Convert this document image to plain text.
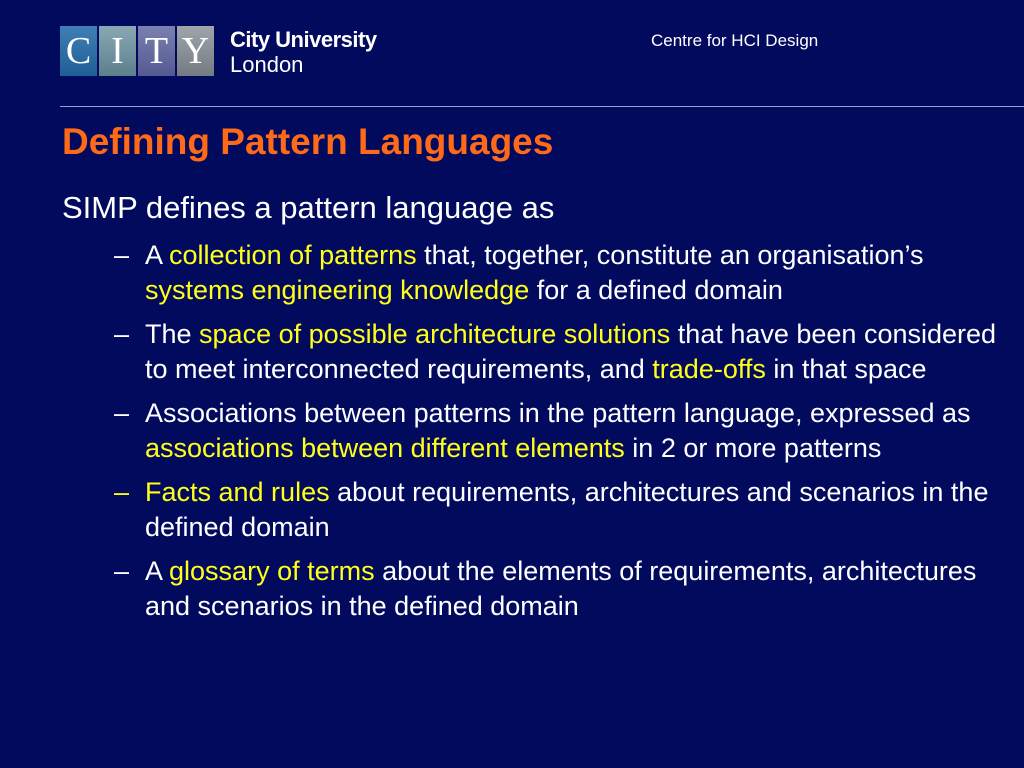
C I T Y City University
London
Centre for HCI Design
Defining Pattern Languages

SIMP defines a pattern language as

– A collection of patterns that, together, constitute an organisation’s systems engineering knowledge for a defined domain
– The space of possible architecture solutions that have been considered to meet interconnected requirements, and trade-offs in that space
– Associations between patterns in the pattern language, expressed as associations between different elements in 2 or more patterns
– Facts and rules about requirements, architectures and scenarios in the defined domain
– A glossary of terms about the elements of requirements, architectures and scenarios in the defined domain
